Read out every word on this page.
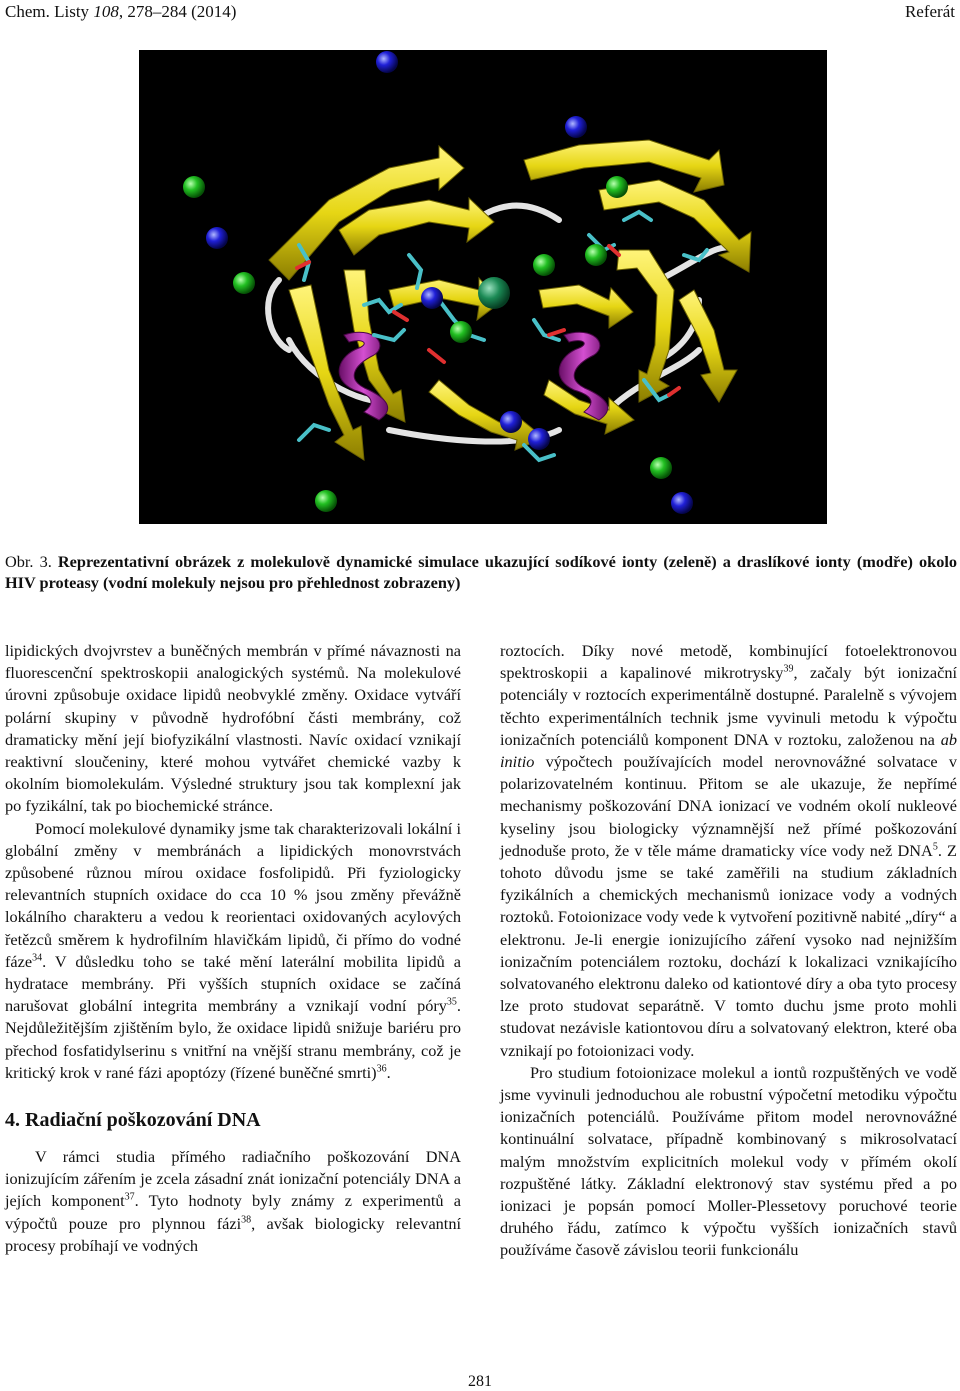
Chem. Listy 108, 278–284 (2014)	Referát
Obr. 3. Reprezentativní obrázek z molekulově dynamické simulace ukazující sodíkové ionty (zeleně) a draslíkové ionty (modře) okolo HIV proteasy (vodní molekuly nejsou pro přehlednost zobrazeny)

lipidických dvojvrstev a buněčných membrán v přímé návaznosti na fluorescenční spektroskopii analogických systémů. Na molekulové úrovni způsobuje oxidace lipidů neobvyklé změny. Oxidace vytváří polární skupiny v původně hydrofóbní části membrány, což dramaticky mění její biofyzikální vlastnosti. Navíc oxidací vznikají reaktivní sloučeniny, které mohou vytvářet chemické vazby k okolním biomolekulám. Výsledné struktury jsou tak komplexní jak po fyzikální, tak po biochemické stránce.

Pomocí molekulové dynamiky jsme tak charakterizovali lokální i globální změny v membránách a lipidických monovrstvách způsobené různou mírou oxidace fosfolipidů. Při fyziologicky relevantních stupních oxidace do cca 10 % jsou změny převážně lokálního charakteru a vedou k reorientaci oxidovaných acylových řetězců směrem k hydrofilním hlavičkám lipidů, či přímo do vodné fáze$^{34}$. V důsledku toho se také mění laterální mobilita lipidů a hydratace membrány. Při vyšších stupních oxidace se začíná narušovat globální integrita membrány a vznikají vodní póry$^{35}$. Nejdůležitějším zjištěním bylo, že oxidace lipidů snižuje bariéru pro přechod fosfatidylserinu s vnitřní na vnější stranu membrány, což je kritický krok v rané fázi apoptózy (řízené buněčné smrti)$^{36}$.

4. Radiační poškozování DNA

V rámci studia přímého radiačního poškozování DNA ionizujícím zářením je zcela zásadní znát ionizační potenciály DNA a jejích komponent$^{37}$. Tyto hodnoty byly známy z experimentů a výpočtů pouze pro plynnou fázi$^{38}$, avšak biologicky relevantní procesy probíhají ve vodných

roztocích. Díky nové metodě, kombinující fotoelektronovou spektroskopii a kapalinové mikrotrysky$^{39}$, začaly být ionizační potenciály v roztocích experimentálně dostupné. Paralelně s vývojem těchto experimentálních technik jsme vyvinuli metodu k výpočtu ionizačních potenciálů komponent DNA v roztoku, založenou na ab initio výpočtech používajících model nerovnovážné solvatace v polarizovatelném kontinuu. Přitom se ale ukazuje, že nepřímé mechanismy poškozování DNA ionizací ve vodném okolí nukleové kyseliny jsou biologicky významnější než přímé poškozování jednoduše proto, že v těle máme dramaticky více vody než DNA$^5$. Z tohoto důvodu jsme se také zaměřili na studium základních fyzikálních a chemických mechanismů ionizace vody a vodných roztoků. Fotoionizace vody vede k vytvoření pozitivně nabité „díry“ a elektronu. Je-li energie ionizujícího záření vysoko nad nejnižším ionizačním potenciálem roztoku, dochází k lokalizaci vznikajícího solvatovaného elektronu daleko od kationtové díry a oba tyto procesy lze proto studovat separátně. V tomto duchu jsme proto mohli studovat nezávisle kationtovou díru a solvatovaný elektron, které oba vznikají po fotoionizaci vody.

Pro studium fotoionizace molekul a iontů rozpuštěných ve vodě jsme vyvinuli jednoduchou ale robustní výpočetní metodiku výpočtu ionizačních potenciálů. Používáme přitom model nerovnovážné kontinuální solvatace, případně kombinovaný s mikrosolvatací malým množstvím explicitních molekul vody v přímém okolí rozpuštěné látky. Základní elektronový stav systému před a po ionizaci je popsán pomocí Moller-Plessetovy poruchové teorie druhého řádu, zatímco k výpočtu vyšších ionizačních stavů používáme časově závislou teorii funkcionálu

281
